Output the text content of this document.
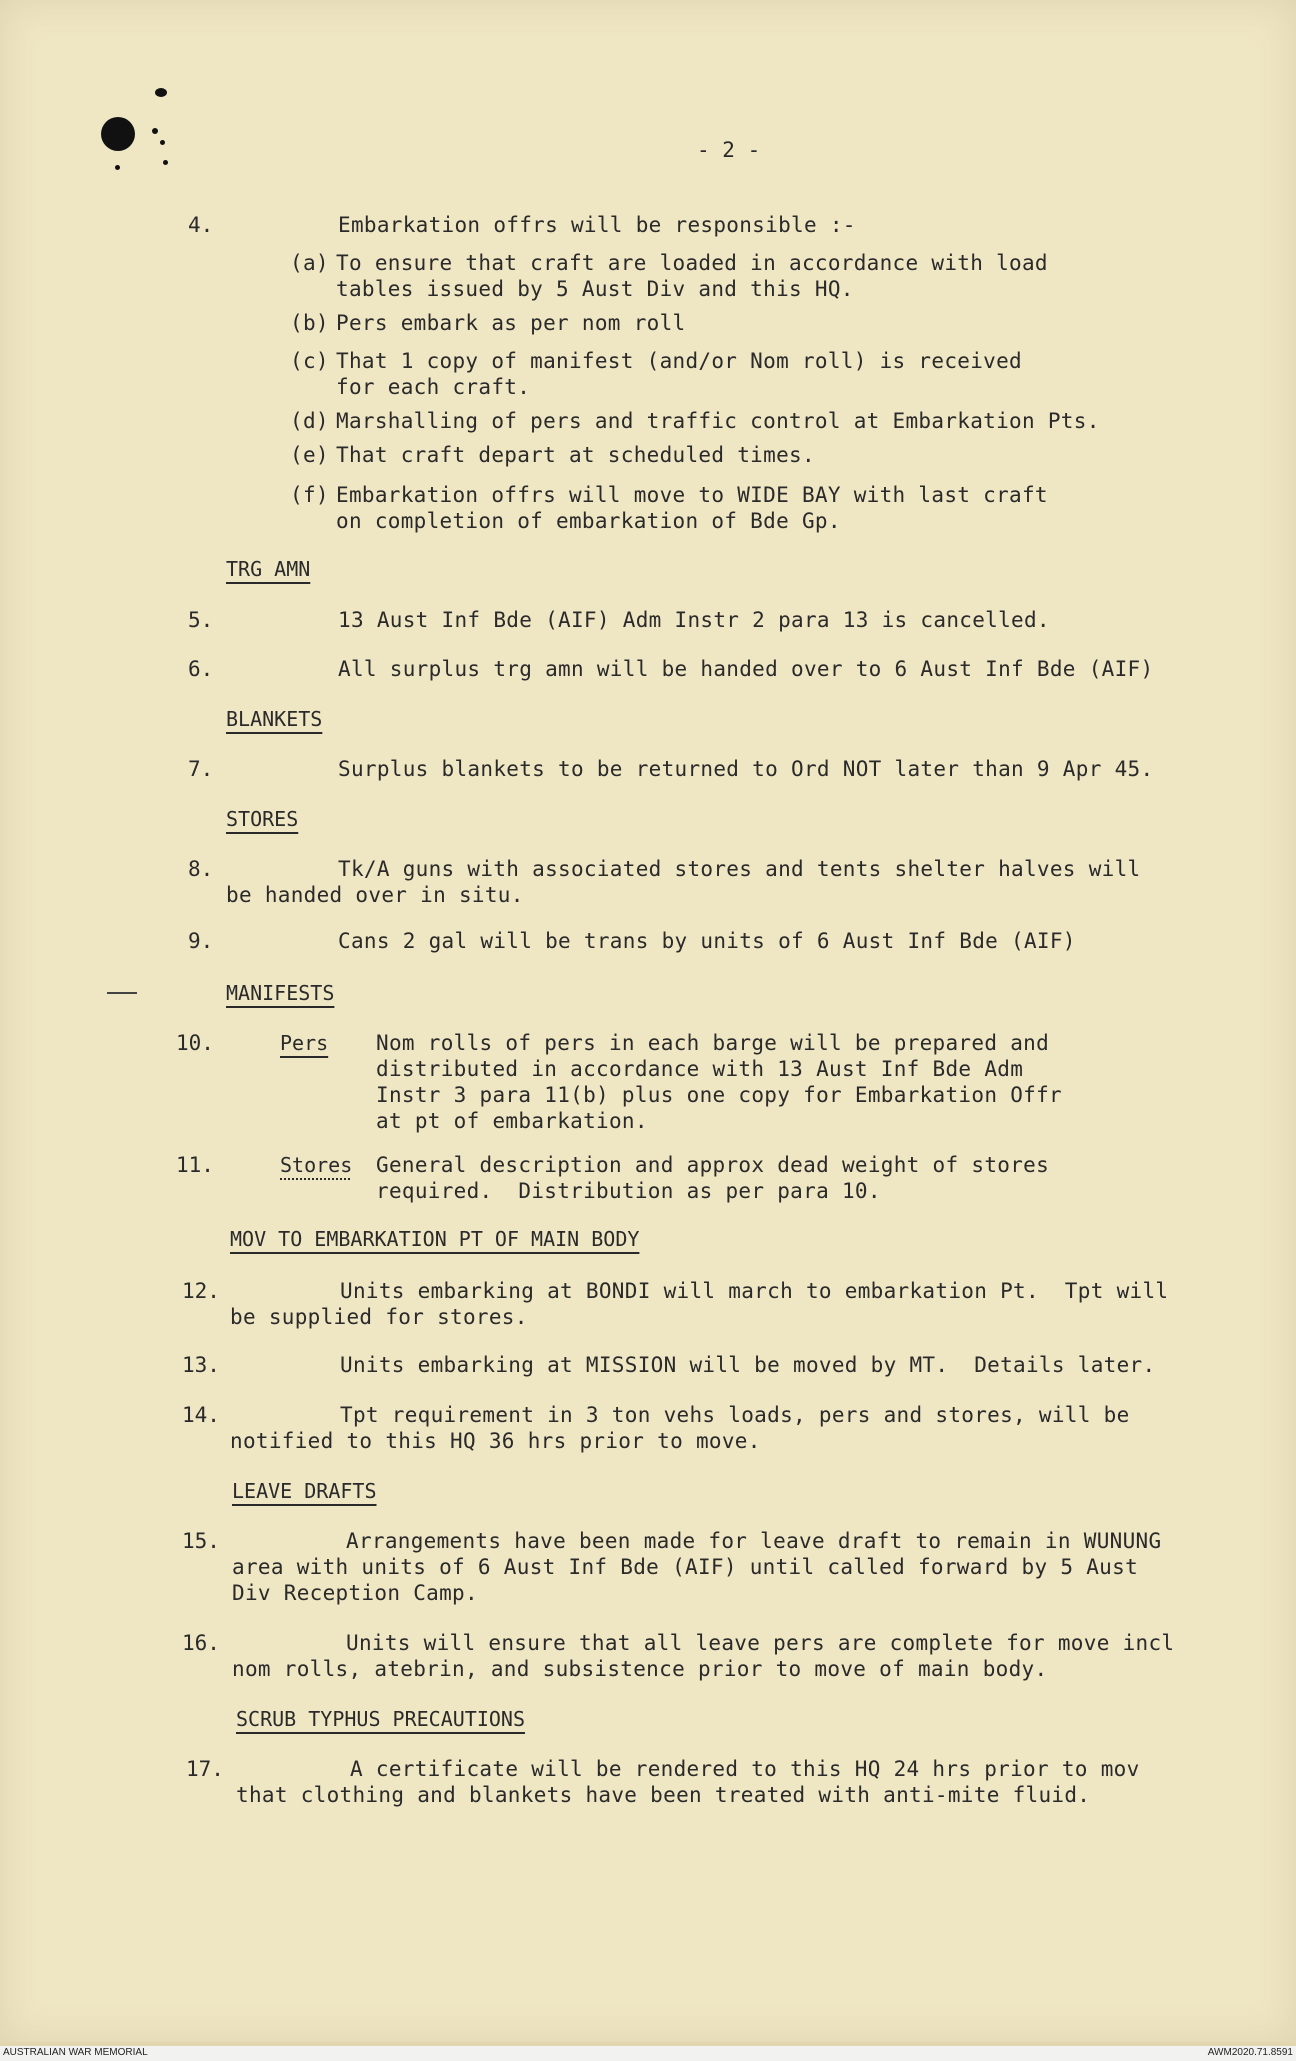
- 2 -
4.	Embarkation offrs will be responsible :-
(a) To ensure that craft are loaded in accordance with load
tables issued by 5 Aust Div and this HQ.
(b) Pers embark as per nom roll
(c) That 1 copy of manifest (and/or Nom roll) is received
for each craft.
(d) Marshalling of pers and traffic control at Embarkation Pts.
(e) That craft depart at scheduled times.
(f) Embarkation offrs will move to WIDE BAY with last craft
on completion of embarkation of Bde Gp.
TRG AMN
5.	13 Aust Inf Bde (AIF) Adm Instr 2 para 13 is cancelled.
6.	All surplus trg amn will be handed over to 6 Aust Inf Bde (AIF)
BLANKETS
7.	Surplus blankets to be returned to Ord NOT later than 9 Apr 45.
STORES
8.	Tk/A guns with associated stores and tents shelter halves will
be handed over in situ.
9.	Cans 2 gal will be trans by units of 6 Aust Inf Bde (AIF)
MANIFESTS
10.	Pers Nom rolls of pers in each barge will be prepared and
distributed in accordance with 13 Aust Inf Bde Adm
Instr 3 para 11(b) plus one copy for Embarkation Offr
at pt of embarkation.
11.	Stores General description and approx dead weight of stores
required.  Distribution as per para 10.
MOV TO EMBARKATION PT OF MAIN BODY
12.	Units embarking at BONDI will march to embarkation Pt.  Tpt will
be supplied for stores.
13.	Units embarking at MISSION will be moved by MT.  Details later.
14.	Tpt requirement in 3 ton vehs loads, pers and stores, will be
notified to this HQ 36 hrs prior to move.
LEAVE DRAFTS
15.	Arrangements have been made for leave draft to remain in WUNUNG
area with units of 6 Aust Inf Bde (AIF) until called forward by 5 Aust
Div Reception Camp.
16.	Units will ensure that all leave pers are complete for move incl
nom rolls, atebrin, and subsistence prior to move of main body.
SCRUB TYPHUS PRECAUTIONS
17.	A certificate will be rendered to this HQ 24 hrs prior to mov
that clothing and blankets have been treated with anti-mite fluid.
AUSTRALIAN WAR MEMORIAL	AWM2020.71.8591
